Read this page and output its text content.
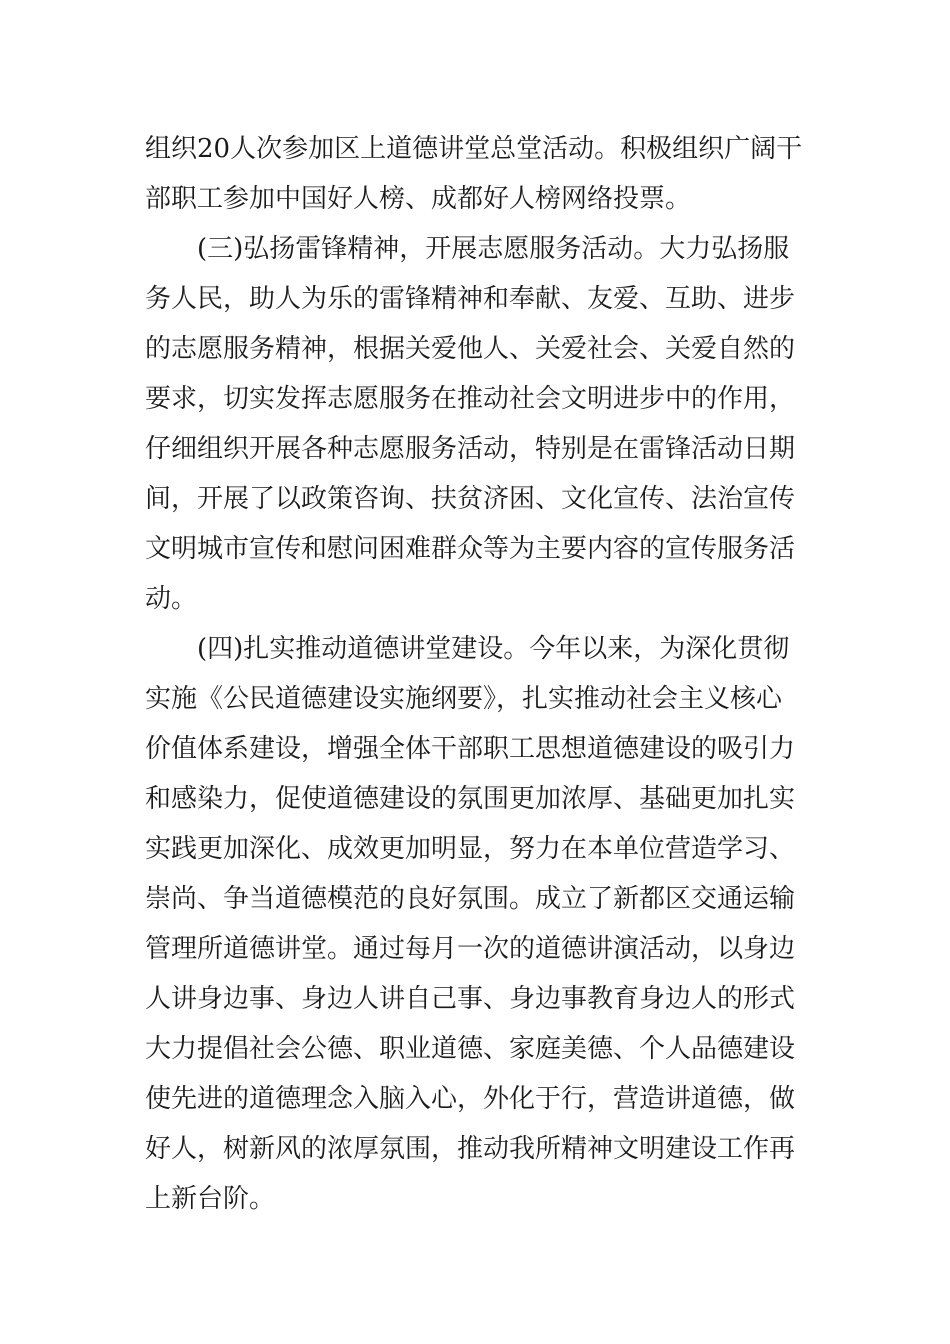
组织20人次参加区上道德讲堂总堂活动。积极组织广阔干
部职工参加中国好人榜、成都好人榜网络投票。
(三)弘扬雷锋精神，开展志愿服务活动。大力弘扬服
务人民，助人为乐的雷锋精神和奉献、友爱、互助、进步
的志愿服务精神，根据关爱他人、关爱社会、关爱自然的
要求，切实发挥志愿服务在推动社会文明进步中的作用，
仔细组织开展各种志愿服务活动，特别是在雷锋活动日期
间，开展了以政策咨询、扶贫济困、文化宣传、法治宣传
文明城市宣传和慰问困难群众等为主要内容的宣传服务活
动。
(四)扎实推动道德讲堂建设。今年以来，为深化贯彻
实施《公民道德建设实施纲要》，扎实推动社会主义核心
价值体系建设，增强全体干部职工思想道德建设的吸引力
和感染力，促使道德建设的氛围更加浓厚、基础更加扎实
实践更加深化、成效更加明显，努力在本单位营造学习、
崇尚、争当道德模范的良好氛围。成立了新都区交通运输
管理所道德讲堂。通过每月一次的道德讲演活动，以身边
人讲身边事、身边人讲自己事、身边事教育身边人的形式
大力提倡社会公德、职业道德、家庭美德、个人品德建设
使先进的道德理念入脑入心，外化于行，营造讲道德，做
好人，树新风的浓厚氛围，推动我所精神文明建设工作再
上新台阶。
